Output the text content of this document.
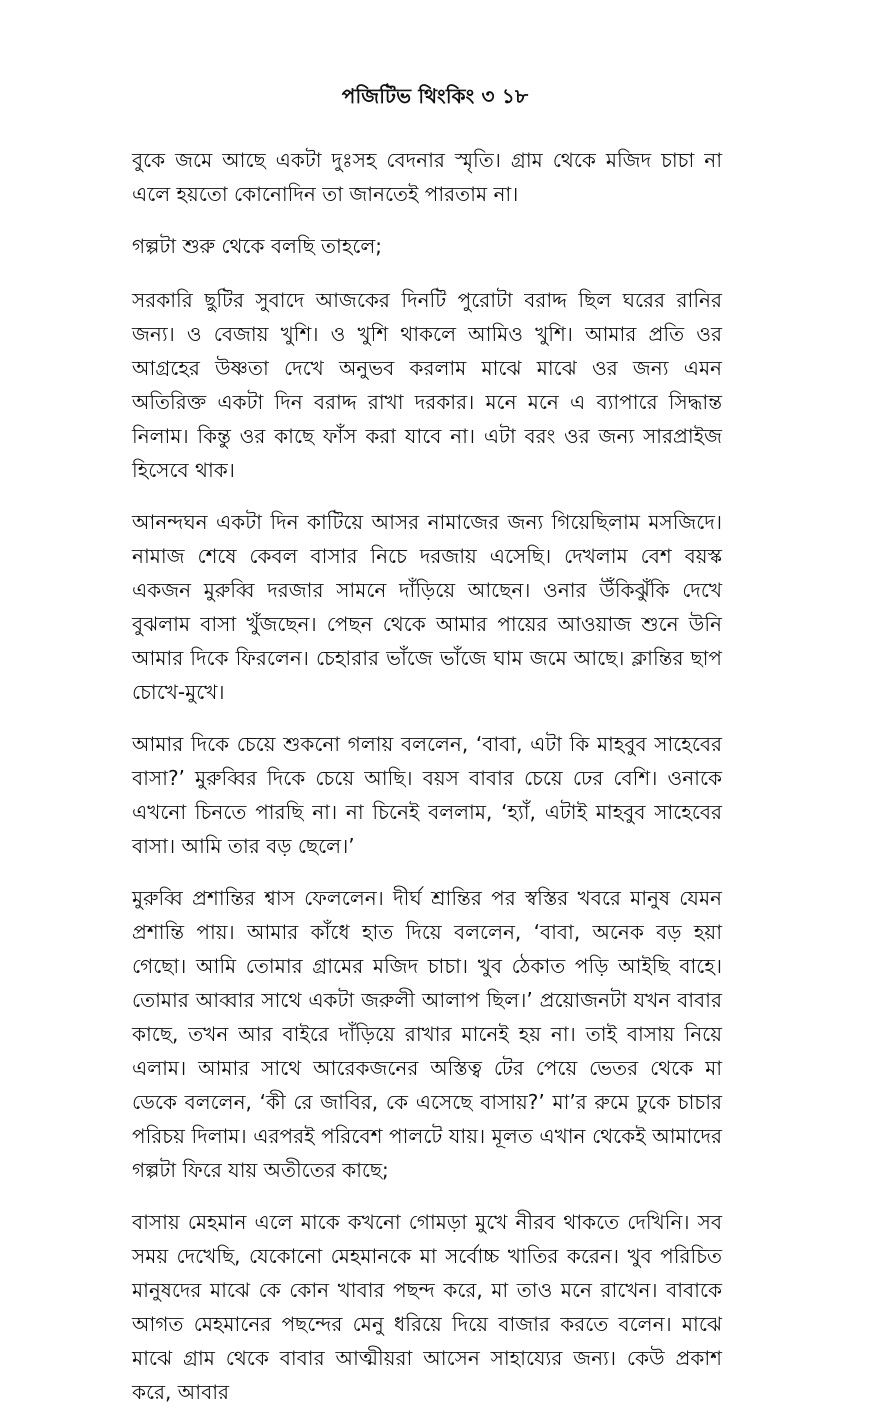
পজিটিভ থিংকিং ৩ ১৮

বুকে জমে আছে একটা দুঃসহ বেদনার স্মৃতি। গ্রাম থেকে মজিদ চাচা না এলে হয়তো কোনোদিন তা জানতেই পারতাম না।

গল্পটা শুরু থেকে বলছি তাহলে;

সরকারি ছুটির সুবাদে আজকের দিনটি পুরোটা বরাদ্দ ছিল ঘরের রানির জন্য। ও বেজায় খুশি। ও খুশি থাকলে আমিও খুশি। আমার প্রতি ওর আগ্রহের উষ্ণতা দেখে অনুভব করলাম মাঝে মাঝে ওর জন্য এমন অতিরিক্ত একটা দিন বরাদ্দ রাখা দরকার। মনে মনে এ ব্যাপারে সিদ্ধান্ত নিলাম। কিন্তু ওর কাছে ফাঁস করা যাবে না। এটা বরং ওর জন্য সারপ্রাইজ হিসেবে থাক।

আনন্দঘন একটা দিন কাটিয়ে আসর নামাজের জন্য গিয়েছিলাম মসজিদে। নামাজ শেষে কেবল বাসার নিচে দরজায় এসেছি। দেখলাম বেশ বয়স্ক একজন মুরুব্বি দরজার সামনে দাঁড়িয়ে আছেন। ওনার উঁকিঝুঁকি দেখে বুঝলাম বাসা খুঁজছেন। পেছন থেকে আমার পায়ের আওয়াজ শুনে উনি আমার দিকে ফিরলেন। চেহারার ভাঁজে ভাঁজে ঘাম জমে আছে। ক্লান্তির ছাপ চোখে-মুখে।

আমার দিকে চেয়ে শুকনো গলায় বললেন, ‘বাবা, এটা কি মাহবুব সাহেবের বাসা?’ মুরুব্বির দিকে চেয়ে আছি। বয়স বাবার চেয়ে ঢের বেশি। ওনাকে এখনো চিনতে পারছি না। না চিনেই বললাম, ‘হ্যাঁ, এটাই মাহবুব সাহেবের বাসা। আমি তার বড় ছেলে।’

মুরুব্বি প্রশান্তির শ্বাস ফেললেন। দীর্ঘ শ্রান্তির পর স্বস্তির খবরে মানুষ যেমন প্রশান্তি পায়। আমার কাঁধে হাত দিয়ে বললেন, ‘বাবা, অনেক বড় হয়া গেছো। আমি তোমার গ্রামের মজিদ চাচা। খুব ঠেকাত পড়ি আইছি বাহে। তোমার আব্বার সাথে একটা জরুলী আলাপ ছিল।’ প্রয়োজনটা যখন বাবার কাছে, তখন আর বাইরে দাঁড়িয়ে রাখার মানেই হয় না। তাই বাসায় নিয়ে এলাম। আমার সাথে আরেকজনের অস্তিত্ব টের পেয়ে ভেতর থেকে মা ডেকে বললেন, ‘কী রে জাবির, কে এসেছে বাসায়?’ মা’র রুমে ঢুকে চাচার পরিচয় দিলাম। এরপরই পরিবেশ পালটে যায়। মূলত এখান থেকেই আমাদের গল্পটা ফিরে যায় অতীতের কাছে;

বাসায় মেহমান এলে মাকে কখনো গোমড়া মুখে নীরব থাকতে দেখিনি। সব সময় দেখেছি, যেকোনো মেহমানকে মা সর্বোচ্চ খাতির করেন। খুব পরিচিত মানুষদের মাঝে কে কোন খাবার পছন্দ করে, মা তাও মনে রাখেন। বাবাকে আগত মেহমানের পছন্দের মেনু ধরিয়ে দিয়ে বাজার করতে বলেন। মাঝে মাঝে গ্রাম থেকে বাবার আত্মীয়রা আসেন সাহায্যের জন্য। কেউ প্রকাশ করে, আবার
